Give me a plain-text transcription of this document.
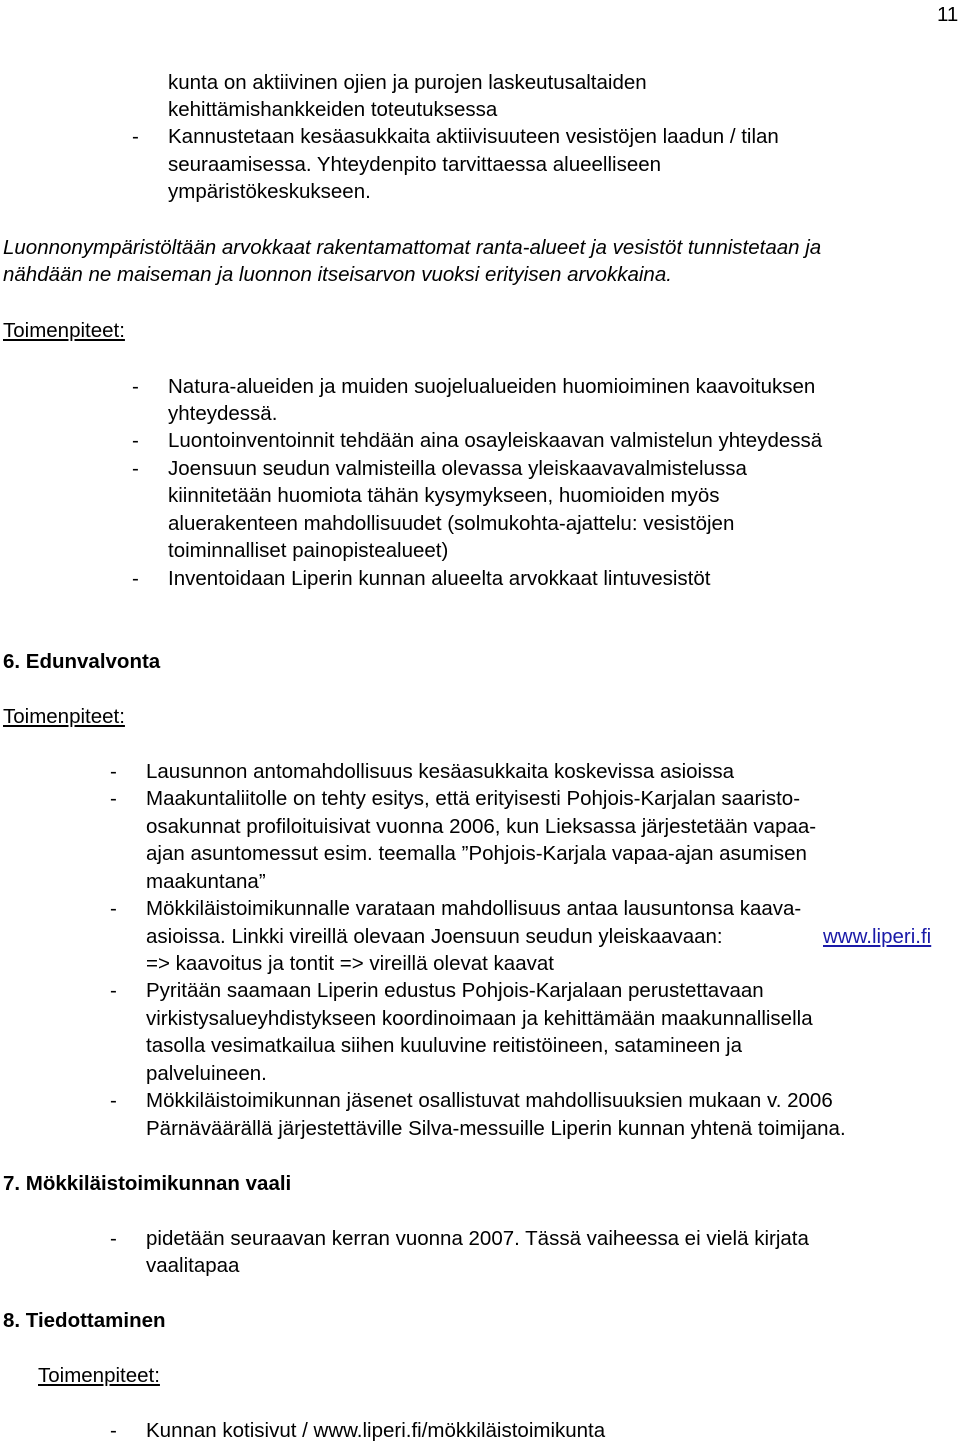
11
kunta on aktiivinen ojien ja purojen laskeutusaltaiden
kehittämishankkeiden toteutuksessa
- Kannustetaan kesäasukkaita aktiivisuuteen vesistöjen laadun / tilan
seuraamisessa. Yhteydenpito tarvittaessa alueelliseen
ympäristökeskukseen.
Luonnonympäristöltään arvokkaat rakentamattomat ranta-alueet ja vesistöt tunnistetaan ja
nähdään ne maiseman ja luonnon itseisarvon vuoksi erityisen arvokkaina.
Toimenpiteet:
- Natura-alueiden ja muiden suojelualueiden huomioiminen kaavoituksen
yhteydessä.
- Luontoinventoinnit tehdään aina osayleiskaavan valmistelun yhteydessä
- Joensuun seudun valmisteilla olevassa yleiskaavavalmistelussa
kiinnitetään huomiota tähän kysymykseen, huomioiden myös
aluerakenteen mahdollisuudet (solmukohta-ajattelu: vesistöjen
toiminnalliset painopistealueet)
- Inventoidaan Liperin kunnan alueelta arvokkaat lintuvesistöt
6. Edunvalvonta
Toimenpiteet:
- Lausunnon antomahdollisuus kesäasukkaita koskevissa asioissa
- Maakuntaliitolle on tehty esitys, että erityisesti Pohjois-Karjalan saaristo-
osakunnat profiloituisivat vuonna 2006, kun Lieksassa järjestetään vapaa-
ajan asuntomessut esim. teemalla ”Pohjois-Karjala vapaa-ajan asumisen
maakuntana”
- Mökkiläistoimikunnalle varataan mahdollisuus antaa lausuntonsa kaava-
asioissa. Linkki vireillä olevaan Joensuun seudun yleiskaavaan:	www.liperi.fi
=> kaavoitus ja tontit => vireillä olevat kaavat
- Pyritään saamaan Liperin edustus Pohjois-Karjalaan perustettavaan
virkistysalueyhdistykseen koordinoimaan ja kehittämään maakunnallisella
tasolla vesimatkailua siihen kuuluvine reitistöineen, satamineen ja
palveluineen.
- Mökkiläistoimikunnan jäsenet osallistuvat mahdollisuuksien mukaan v. 2006
Pärnäväärällä järjestettäville Silva-messuille Liperin kunnan yhtenä toimijana.
7. Mökkiläistoimikunnan vaali
- pidetään seuraavan kerran vuonna 2007. Tässä vaiheessa ei vielä kirjata
vaalitapaa
8. Tiedottaminen
Toimenpiteet:
- Kunnan kotisivut / www.liperi.fi/mökkiläistoimikunta
